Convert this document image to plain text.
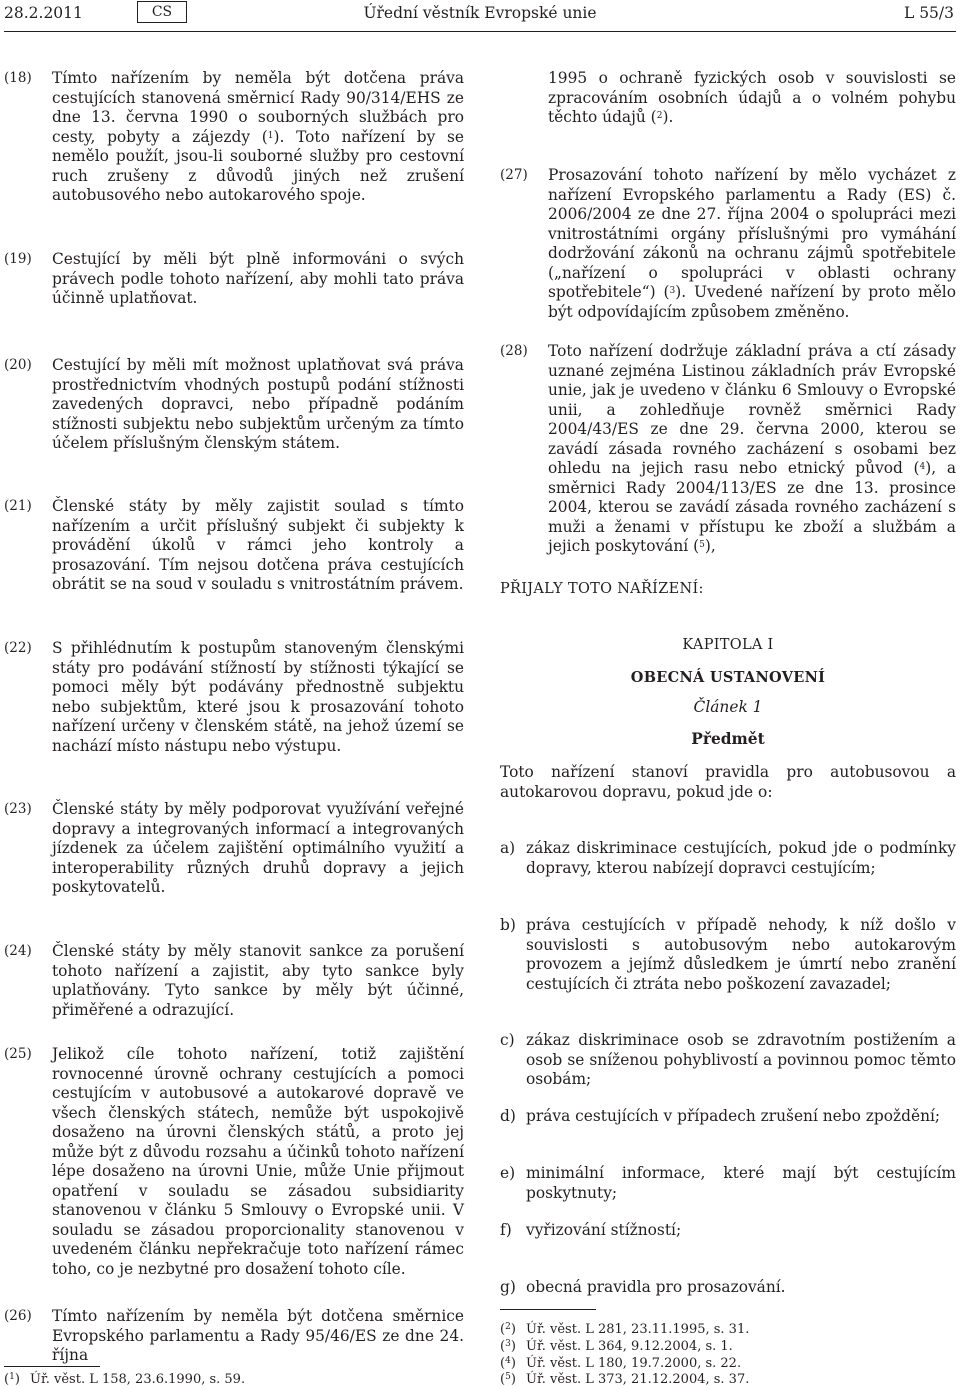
28.2.2011	CS	Úřední věstník Evropské unie	L 55/3
(18)	Tímto nařízením by neměla být dotčena práva cestujících stanovená směrnicí Rady 90/314/EHS ze dne 13. června 1990 o souborných službách pro cesty, pobyty a zájezdy ($^1$). Toto nařízení by se nemělo použít, jsou-li souborné služby pro cestovní ruch zrušeny z důvodů jiných než zrušení autobusového nebo autokarového spoje.
(19)	Cestující by měli být plně informováni o svých právech podle tohoto nařízení, aby mohli tato práva účinně uplatňovat.
(20)	Cestující by měli mít možnost uplatňovat svá práva prostřednictvím vhodných postupů podání stížnosti zavedených dopravci, nebo případně podáním stížnosti subjektu nebo subjektům určeným za tímto účelem příslušným členským státem.
(21)	Členské státy by měly zajistit soulad s tímto nařízením a určit příslušný subjekt či subjekty k provádění úkolů v rámci jeho kontroly a prosazování. Tím nejsou dotčena práva cestujících obrátit se na soud v souladu s vnitrostátním právem.
(22)	S přihlédnutím k postupům stanoveným členskými státy pro podávání stížností by stížnosti týkající se pomoci měly být podávány přednostně subjektu nebo subjektům, které jsou k prosazování tohoto nařízení určeny v členském státě, na jehož území se nachází místo nástupu nebo výstupu.
(23)	Členské státy by měly podporovat využívání veřejné dopravy a integrovaných informací a integrovaných jízdenek za účelem zajištění optimálního využití a interoperability různých druhů dopravy a jejich poskytovatelů.
(24)	Členské státy by měly stanovit sankce za porušení tohoto nařízení a zajistit, aby tyto sankce byly uplatňovány. Tyto sankce by měly být účinné, přiměřené a odrazující.
(25)	Jelikož cíle tohoto nařízení, totiž zajištění rovnocenné úrovně ochrany cestujících a pomoci cestujícím v autobusové a autokarové dopravě ve všech členských státech, nemůže být uspokojivě dosaženo na úrovni členských států, a proto jej může být z důvodu rozsahu a účinků tohoto nařízení lépe dosaženo na úrovni Unie, může Unie přijmout opatření v souladu se zásadou subsidiarity stanovenou v článku 5 Smlouvy o Evropské unii. V souladu se zásadou proporcionality stanovenou v uvedeném článku nepřekračuje toto nařízení rámec toho, co je nezbytné pro dosažení tohoto cíle.
(26)	Tímto nařízením by neměla být dotčena směrnice Evropského parlamentu a Rady 95/46/ES ze dne 24. října
($^1$) Úř. věst. L 158, 23.6.1990, s. 59.
1995 o ochraně fyzických osob v souvislosti se zpracováním osobních údajů a o volném pohybu těchto údajů ($^2$).
(27)	Prosazování tohoto nařízení by mělo vycházet z nařízení Evropského parlamentu a Rady (ES) č. 2006/2004 ze dne 27. října 2004 o spolupráci mezi vnitrostátními orgány příslušnými pro vymáhání dodržování zákonů na ochranu zájmů spotřebitele („nařízení o spolupráci v oblasti ochrany spotřebitele“) ($^3$). Uvedené nařízení by proto mělo být odpovídajícím způsobem změněno.
(28)	Toto nařízení dodržuje základní práva a ctí zásady uznané zejména Listinou základních práv Evropské unie, jak je uvedeno v článku 6 Smlouvy o Evropské unii, a zohledňuje rovněž směrnici Rady 2004/43/ES ze dne 29. června 2000, kterou se zavádí zásada rovného zacházení s osobami bez ohledu na jejich rasu nebo etnický původ ($^4$), a směrnici Rady 2004/113/ES ze dne 13. prosince 2004, kterou se zavádí zásada rovného zacházení s muži a ženami v přístupu ke zboží a službám a jejich poskytování ($^5$),
PŘIJALY TOTO NAŘÍZENÍ:
KAPITOLA I
OBECNÁ USTANOVENÍ
Článek 1
Předmět
Toto nařízení stanoví pravidla pro autobusovou a autokarovou dopravu, pokud jde o:
a) zákaz diskriminace cestujících, pokud jde o podmínky dopravy, kterou nabízejí dopravci cestujícím;
b) práva cestujících v případě nehody, k níž došlo v souvislosti s autobusovým nebo autokarovým provozem a jejímž důsledkem je úmrtí nebo zranění cestujících či ztráta nebo poškození zavazadel;
c) zákaz diskriminace osob se zdravotním postižením a osob se sníženou pohyblivostí a povinnou pomoc těmto osobám;
d) práva cestujících v případech zrušení nebo zpoždění;
e) minimální informace, které mají být cestujícím poskytnuty;
f) vyřizování stížností;
g) obecná pravidla pro prosazování.
($^2$) Úř. věst. L 281, 23.11.1995, s. 31.
($^3$) Úř. věst. L 364, 9.12.2004, s. 1.
($^4$) Úř. věst. L 180, 19.7.2000, s. 22.
($^5$) Úř. věst. L 373, 21.12.2004, s. 37.
